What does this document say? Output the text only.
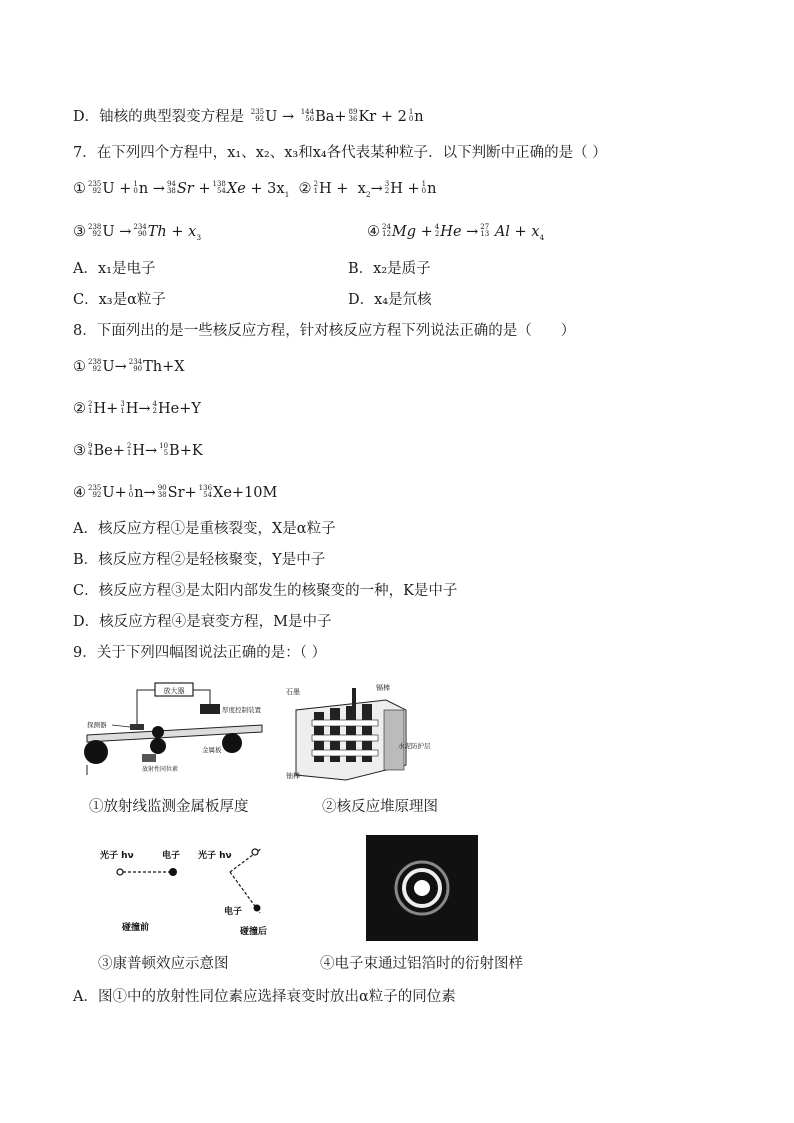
D．铀核的典型裂变方程是 235
92 U → 144
56 Ba+ 89
36 Kr + 2 1
0 n
7．在下列四个方程中，x₁、x₂、x₃和x₄各代表某种粒子．以下判断中正确的是（ ）
① 235
92 U + 1
0 n → 94
38 Sr + 138
54 $Xe + 3x_1$  ② 2
1 $H + x_2\to 3$
2 H + 1
0 n
③ 238
92 U → 234
90 $Th + x_3$	④ 24
12 Mg + 4
2 He → 27
13 $Al + x_4$
A．x₁是电子	B．x₂是质子
C．x₃是α粒子	D．x₄是氘核
8．下面列出的是一些核反应方程，针对核反应方程下列说法正确的是（　　）
① 238
92 U→ 234
90 Th+X
② 2
1 H+ 3
1 H→ 4
2 He+Y
③ 9
4 Be+ 2
1 H→ 10
5 B+K
④ 235
92 U+ 1
0 n→ 90
38 Sr+ 136
54 Xe+10M
A．核反应方程①是重核裂变，X是α粒子
B．核反应方程②是轻核聚变，Y是中子
C．核反应方程③是太阳内部发生的核聚变的一种，K是中子
D．核反应方程④是衰变方程，M是中子
9．关于下列四幅图说法正确的是：（ ）
放大器
厚度控制装置
探测器
金属板
放射性同位素
①放射线监测金属板厚度
石墨	镉棒
铀棒
水泥防护层
②核反应堆原理图
光子 hν	电子
碰撞前
光子 hν
电子
碰撞后
③康普顿效应示意图	④电子束通过铝箔时的衍射图样
A．图①中的放射性同位素应选择衰变时放出α粒子的同位素
